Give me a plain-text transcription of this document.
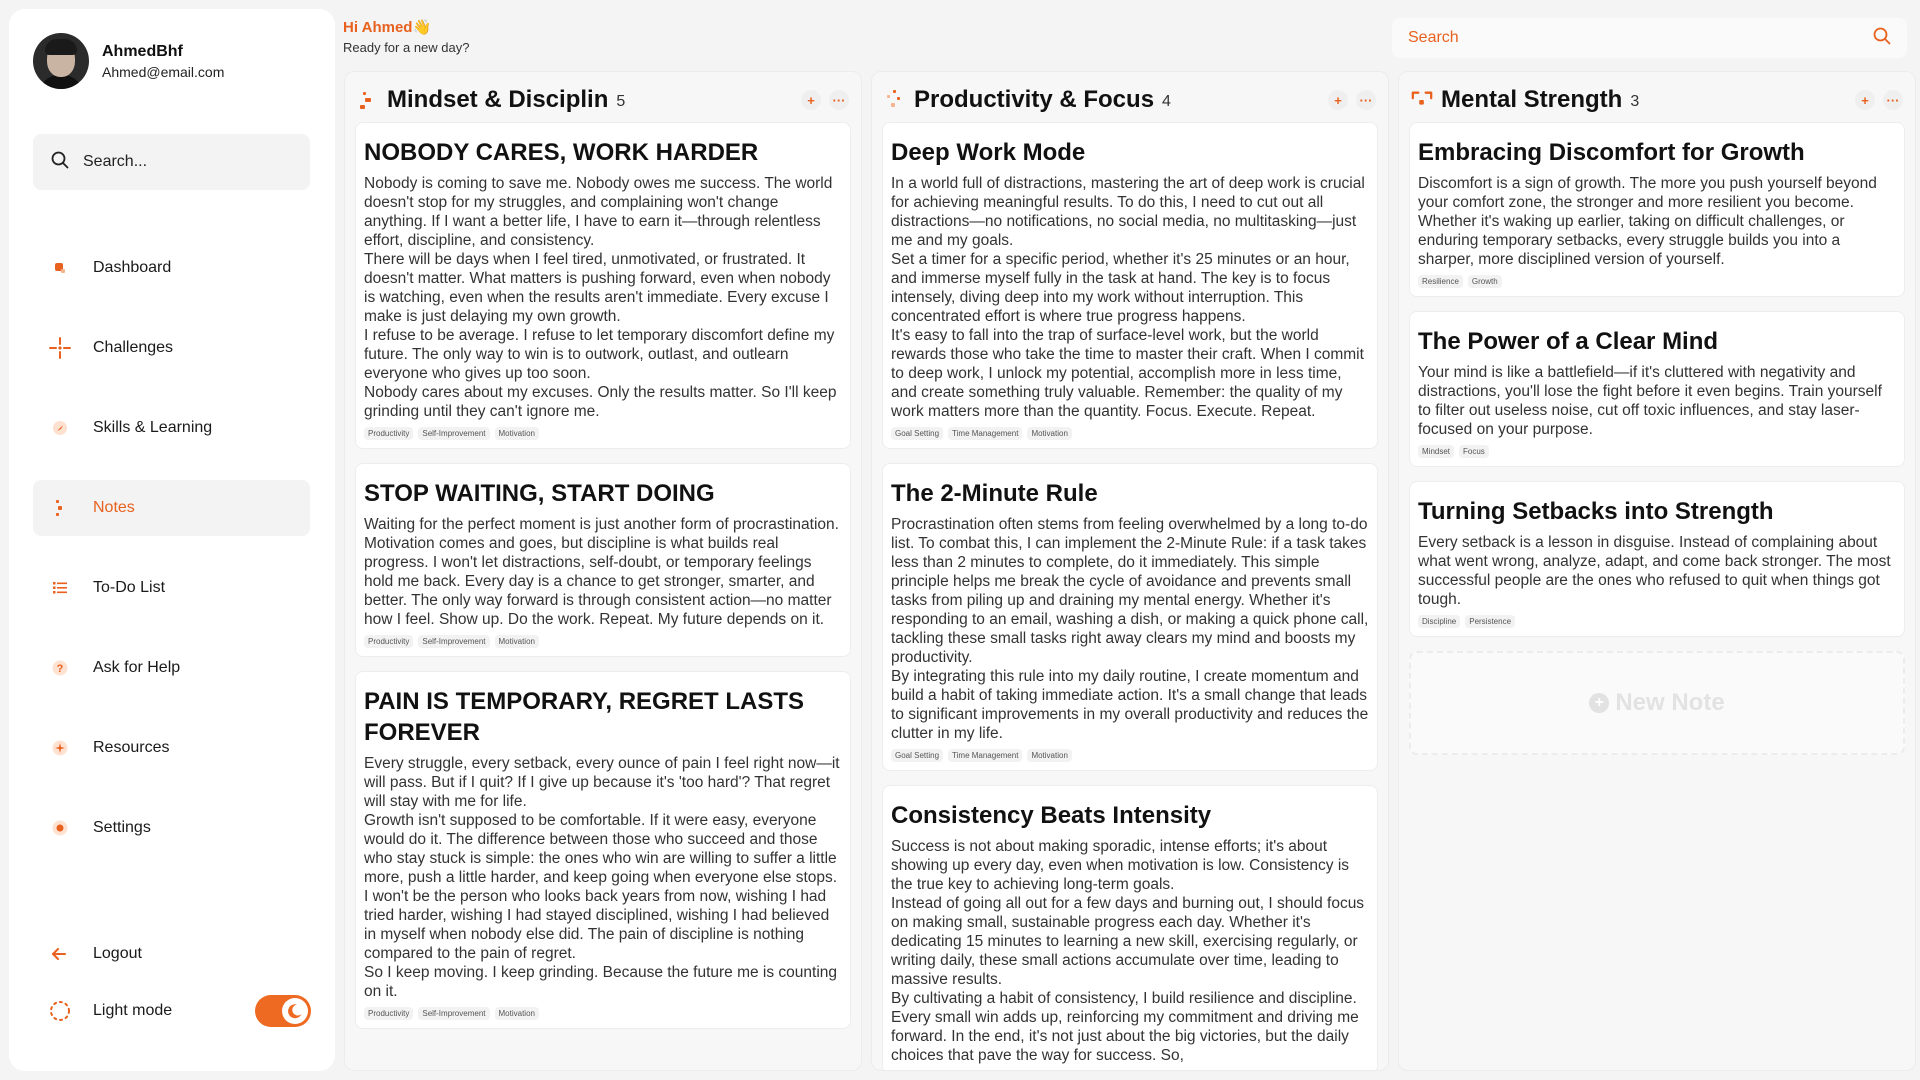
AhmedBhf
Ahmed@email.com
Search...
Dashboard
Challenges
Skills & Learning
Notes
To-Do List
? Ask for Help
Resources
Settings
Logout
Light mode
Hi Ahmed👋
Ready for a new day?
Search
Mindset & Disciplin 5	+	···
NOBODY CARES, WORK HARDER
Nobody is coming to save me. Nobody owes me success. The world doesn't stop for my struggles, and complaining won't change anything. If I want a better life, I have to earn it—through relentless effort, discipline, and consistency.
There will be days when I feel tired, unmotivated, or frustrated. It doesn't matter. What matters is pushing forward, even when nobody is watching, even when the results aren't immediate. Every excuse I make is just delaying my own growth.
I refuse to be average. I refuse to let temporary discomfort define my future. The only way to win is to outwork, outlast, and outlearn everyone who gives up too soon.
Nobody cares about my excuses. Only the results matter. So I'll keep grinding until they can't ignore me.
Productivity	Self-Improvement	Motivation
STOP WAITING, START DOING
Waiting for the perfect moment is just another form of procrastination. Motivation comes and goes, but discipline is what builds real progress. I won't let distractions, self-doubt, or temporary feelings hold me back. Every day is a chance to get stronger, smarter, and better. The only way forward is through consistent action—no matter how I feel. Show up. Do the work. Repeat. My future depends on it.
Productivity	Self-Improvement	Motivation
PAIN IS TEMPORARY, REGRET LASTS FOREVER
Every struggle, every setback, every ounce of pain I feel right now—it will pass. But if I quit? If I give up because it's 'too hard'? That regret will stay with me for life.
Growth isn't supposed to be comfortable. If it were easy, everyone would do it. The difference between those who succeed and those who stay stuck is simple: the ones who win are willing to suffer a little more, push a little harder, and keep going when everyone else stops.
I won't be the person who looks back years from now, wishing I had tried harder, wishing I had stayed disciplined, wishing I had believed in myself when nobody else did. The pain of discipline is nothing compared to the pain of regret.
So I keep moving. I keep grinding. Because the future me is counting on it.
Productivity	Self-Improvement	Motivation
Productivity & Focus 4	+	···
Deep Work Mode
In a world full of distractions, mastering the art of deep work is crucial for achieving meaningful results. To do this, I need to cut out all distractions—no notifications, no social media, no multitasking—just me and my goals.
Set a timer for a specific period, whether it's 25 minutes or an hour, and immerse myself fully in the task at hand. The key is to focus intensely, diving deep into my work without interruption. This concentrated effort is where true progress happens.
It's easy to fall into the trap of surface-level work, but the world rewards those who take the time to master their craft. When I commit to deep work, I unlock my potential, accomplish more in less time, and create something truly valuable. Remember: the quality of my work matters more than the quantity. Focus. Execute. Repeat.
Goal Setting	Time Management	Motivation
The 2-Minute Rule
Procrastination often stems from feeling overwhelmed by a long to-do list. To combat this, I can implement the 2-Minute Rule: if a task takes less than 2 minutes to complete, do it immediately. This simple principle helps me break the cycle of avoidance and prevents small tasks from piling up and draining my mental energy. Whether it's responding to an email, washing a dish, or making a quick phone call, tackling these small tasks right away clears my mind and boosts my productivity.
By integrating this rule into my daily routine, I create momentum and build a habit of taking immediate action. It's a small change that leads to significant improvements in my overall productivity and reduces the clutter in my life.
Goal Setting	Time Management	Motivation
Consistency Beats Intensity
Success is not about making sporadic, intense efforts; it's about showing up every day, even when motivation is low. Consistency is the true key to achieving long-term goals.
Instead of going all out for a few days and burning out, I should focus on making small, sustainable progress each day. Whether it's dedicating 15 minutes to learning a new skill, exercising regularly, or writing daily, these small actions accumulate over time, leading to massive results.
By cultivating a habit of consistency, I build resilience and discipline. Every small win adds up, reinforcing my commitment and driving me forward. In the end, it's not just about the big victories, but the daily choices that pave the way for success. So,
Mental Strength 3	+	···
Embracing Discomfort for Growth
Discomfort is a sign of growth. The more you push yourself beyond your comfort zone, the stronger and more resilient you become. Whether it's waking up earlier, taking on difficult challenges, or enduring temporary setbacks, every struggle builds you into a sharper, more disciplined version of yourself.
Resilience	Growth
The Power of a Clear Mind
Your mind is like a battlefield—if it's cluttered with negativity and distractions, you'll lose the fight before it even begins. Train yourself to filter out useless noise, cut off toxic influences, and stay laser-focused on your purpose.
Mindset	Focus
Turning Setbacks into Strength
Every setback is a lesson in disguise. Instead of complaining about what went wrong, analyze, adapt, and come back stronger. The most successful people are the ones who refused to quit when things got tough.
Discipline	Persistence
+ New Note
